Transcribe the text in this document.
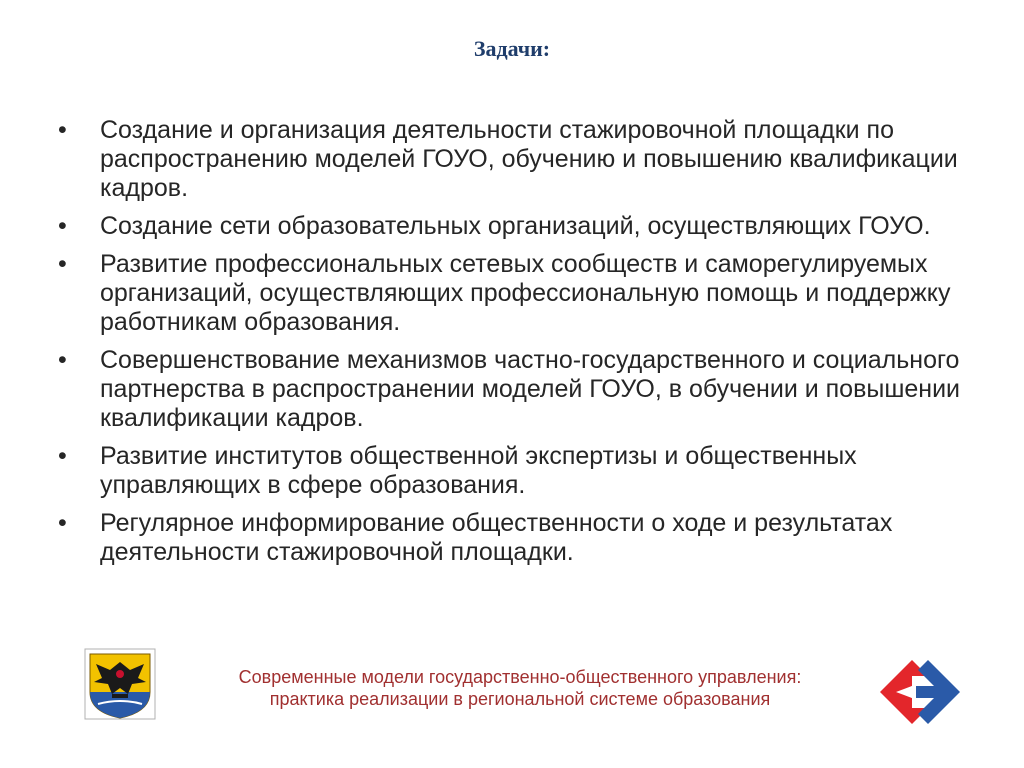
Задачи:
• Создание и организация деятельности стажировочной площадки по распространению моделей ГОУО, обучению и повышению квалификации кадров.
• Создание сети образовательных организаций, осуществляющих ГОУО.
• Развитие профессиональных сетевых сообществ и саморегулируемых организаций, осуществляющих профессиональную помощь и поддержку работникам образования.
• Совершенствование механизмов частно-государственного и социального партнерства в распространении моделей ГОУО, в обучении и повышении квалификации кадров.
• Развитие институтов общественной экспертизы и общественных управляющих в сфере образования.
• Регулярное информирование общественности о ходе и результатах деятельности стажировочной площадки.
Современные модели государственно-общественного управления:
практика реализации в региональной системе образования
